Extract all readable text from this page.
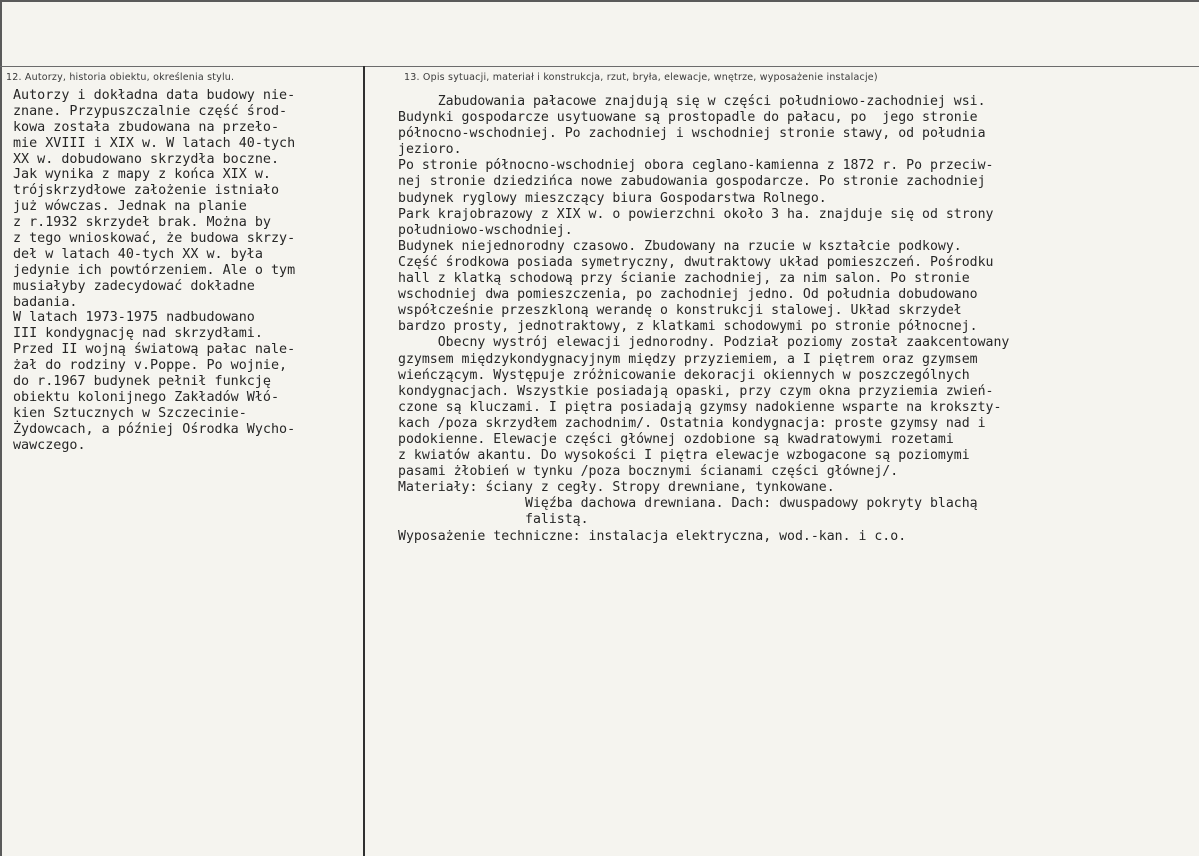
12. Autorzy, historia obiektu, określenia stylu.	13. Opis sytuacji, materiał i konstrukcja, rzut, bryła, elewacje, wnętrze, wyposażenie instalacje)
Autorzy i dokładna data budowy nie-
znane. Przypuszczalnie część środ-
kowa została zbudowana na przeło-
mie XVIII i XIX w. W latach 40-tych
XX w. dobudowano skrzydła boczne.
Jak wynika z mapy z końca XIX w.
trójskrzydłowe założenie istniało
już wówczas. Jednak na planie
z r.1932 skrzydeł brak. Można by
z tego wnioskować, że budowa skrzy-
deł w latach 40-tych XX w. była
jedynie ich powtórzeniem. Ale o tym
musiałyby zadecydować dokładne
badania.
W latach 1973-1975 nadbudowano
III kondygnację nad skrzydłami.
Przed II wojną światową pałac nale-
żał do rodziny v.Poppe. Po wojnie,
do r.1967 budynek pełnił funkcję
obiektu kolonijnego Zakładów Włó-
kien Sztucznych w Szczecinie-
Żydowcach, a później Ośrodka Wycho-
wawczego.
Zabudowania pałacowe znajdują się w części południowo-zachodniej wsi.
Budynki gospodarcze usytuowane są prostopadle do pałacu, po  jego stronie
północno-wschodniej. Po zachodniej i wschodniej stronie stawy, od południa
jezioro.
Po stronie północno-wschodniej obora ceglano-kamienna z 1872 r. Po przeciw-
nej stronie dziedzińca nowe zabudowania gospodarcze. Po stronie zachodniej
budynek ryglowy mieszczący biura Gospodarstwa Rolnego.
Park krajobrazowy z XIX w. o powierzchni około 3 ha. znajduje się od strony
południowo-wschodniej.
Budynek niejednorodny czasowo. Zbudowany na rzucie w kształcie podkowy.
Część środkowa posiada symetryczny, dwutraktowy układ pomieszczeń. Pośrodku
hall z klatką schodową przy ścianie zachodniej, za nim salon. Po stronie
wschodniej dwa pomieszczenia, po zachodniej jedno. Od południa dobudowano
współcześnie przeszkloną werandę o konstrukcji stalowej. Układ skrzydeł
bardzo prosty, jednotraktowy, z klatkami schodowymi po stronie północnej.
Obecny wystrój elewacji jednorodny. Podział poziomy został zaakcentowany
gzymsem międzykondygnacyjnym między przyziemiem, a I piętrem oraz gzymsem
wieńczącym. Występuje zróżnicowanie dekoracji okiennych w poszczególnych
kondygnacjach. Wszystkie posiadają opaski, przy czym okna przyziemia zwień-
czone są kluczami. I piętra posiadają gzymsy nadokienne wsparte na krokszty-
kach /poza skrzydłem zachodnim/. Ostatnia kondygnacja: proste gzymsy nad i
podokienne. Elewacje części głównej ozdobione są kwadratowymi rozetami
z kwiatów akantu. Do wysokości I piętra elewacje wzbogacone są poziomymi
pasami żłobień w tynku /poza bocznymi ścianami części głównej/.
Materiały: ściany z cegły. Stropy drewniane, tynkowane.
Więźba dachowa drewniana. Dach: dwuspadowy pokryty blachą
falistą.
Wyposażenie techniczne: instalacja elektryczna, wod.-kan. i c.o.
